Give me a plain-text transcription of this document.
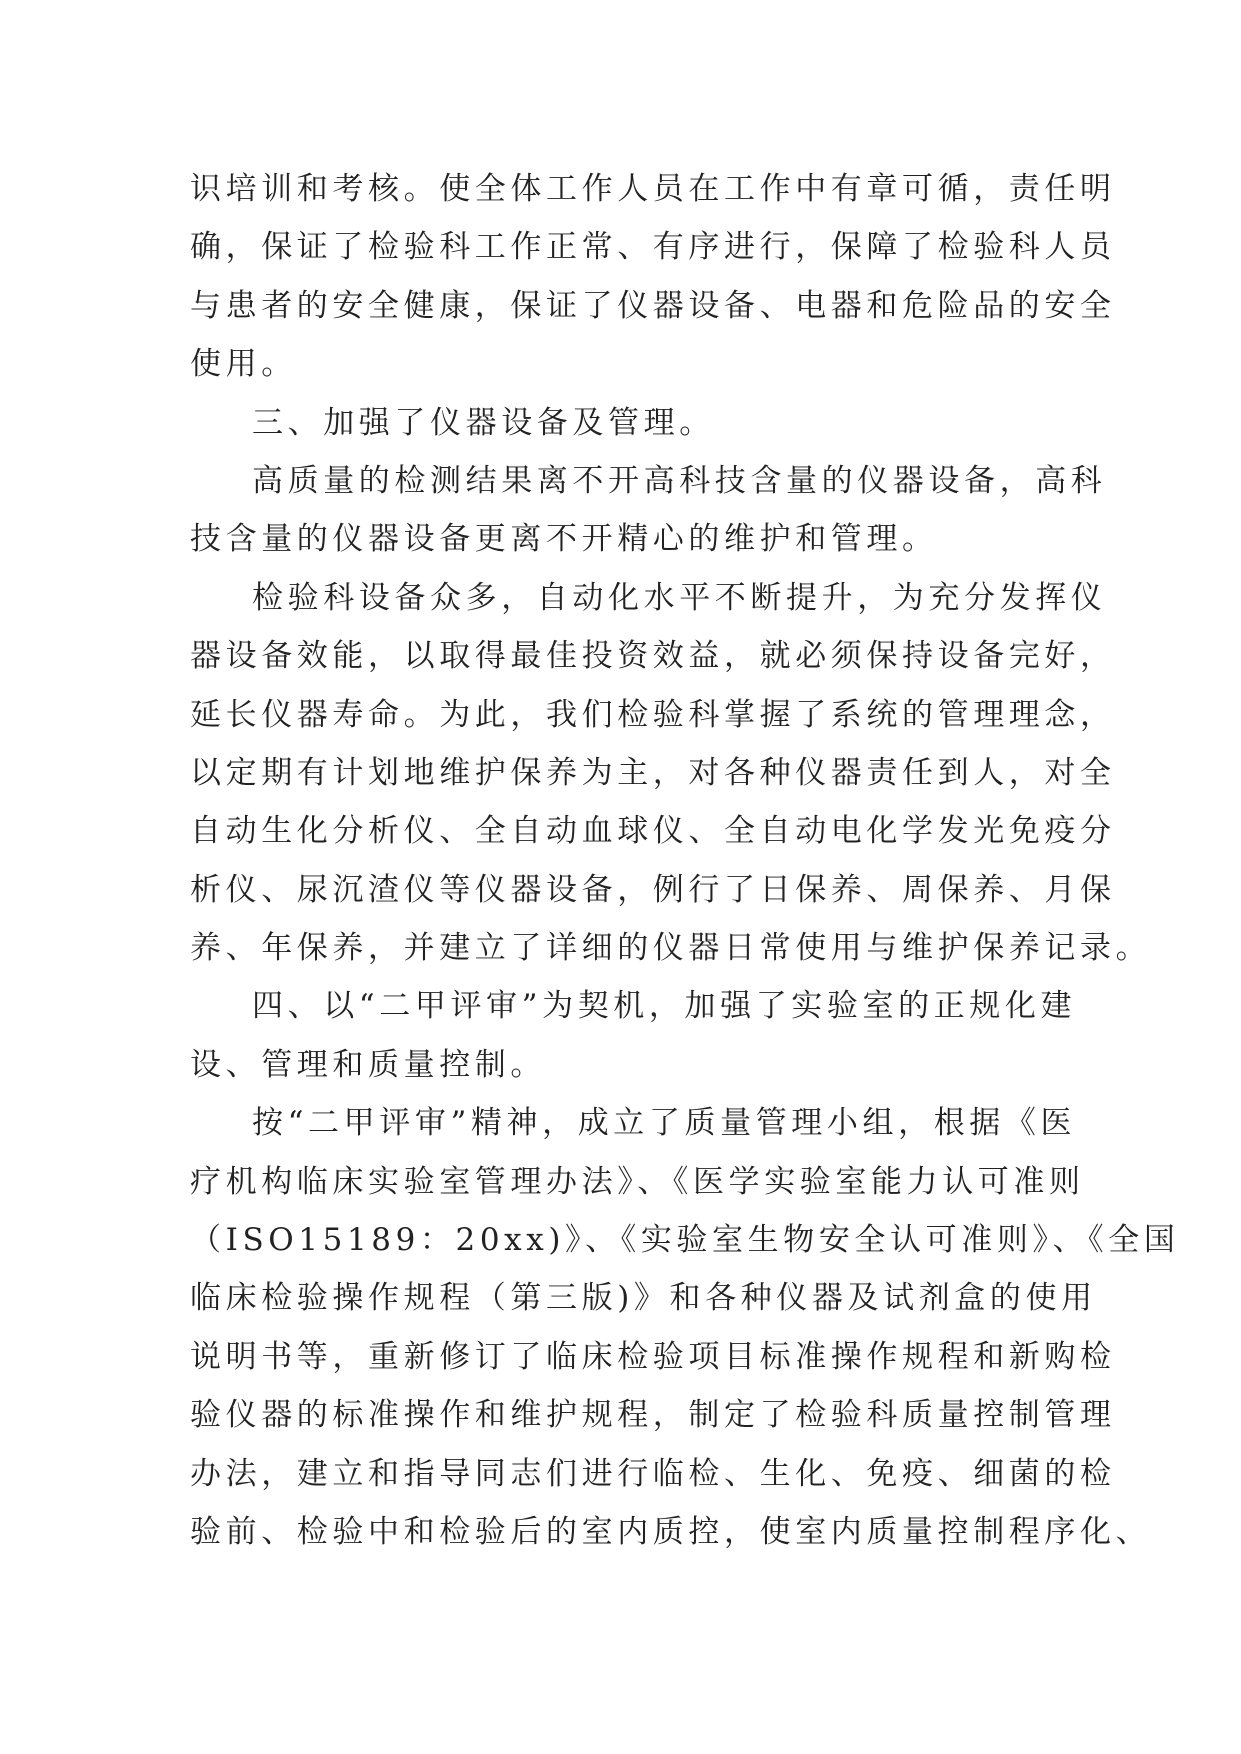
识培训和考核。使全体工作人员在工作中有章可循，责任明
确，保证了检验科工作正常、有序进行，保障了检验科人员
与患者的安全健康，保证了仪器设备、电器和危险品的安全
使用。
三、加强了仪器设备及管理。
高质量的检测结果离不开高科技含量的仪器设备，高科
技含量的仪器设备更离不开精心的维护和管理。
检验科设备众多，自动化水平不断提升，为充分发挥仪
器设备效能，以取得最佳投资效益，就必须保持设备完好，
延长仪器寿命。为此，我们检验科掌握了系统的管理理念，
以定期有计划地维护保养为主，对各种仪器责任到人，对全
自动生化分析仪、全自动血球仪、全自动电化学发光免疫分
析仪、尿沉渣仪等仪器设备，例行了日保养、周保养、月保
养、年保养，并建立了详细的仪器日常使用与维护保养记录。
四、以“二甲评审”为契机，加强了实验室的正规化建
设、管理和质量控制。
按“二甲评审”精神，成立了质量管理小组，根据《医
疗机构临床实验室管理办法》、《医学实验室能力认可准则
（ISO15189：20xx)》、《实验室生物安全认可准则》、《全国
临床检验操作规程（第三版)》和各种仪器及试剂盒的使用
说明书等，重新修订了临床检验项目标准操作规程和新购检
验仪器的标准操作和维护规程，制定了检验科质量控制管理
办法，建立和指导同志们进行临检、生化、免疫、细菌的检
验前、检验中和检验后的室内质控，使室内质量控制程序化、
